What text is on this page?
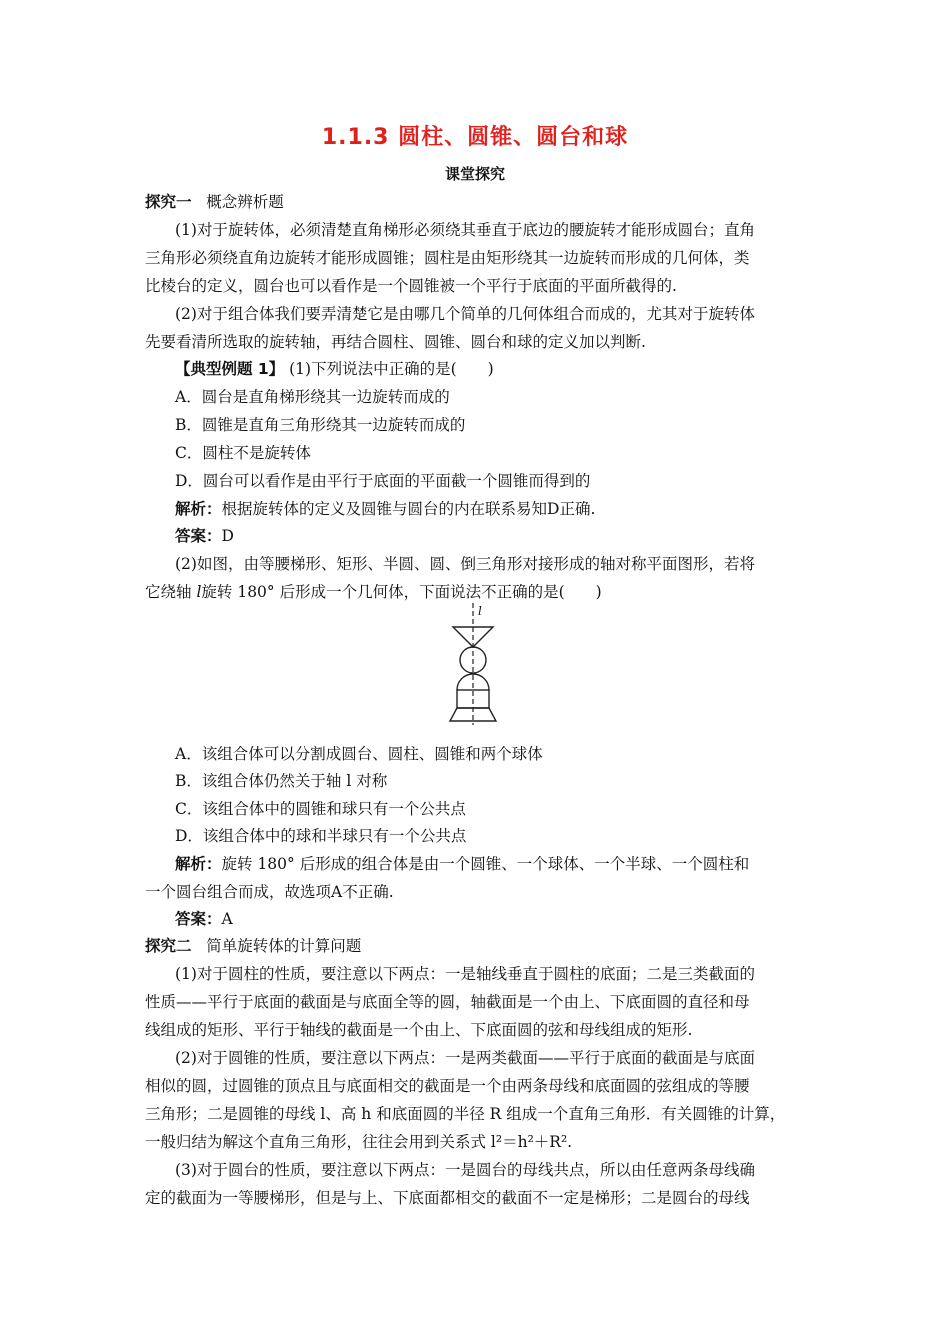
1.1.3 圆柱、圆锥、圆台和球
课堂探究
探究一 概念辨析题
(1)对于旋转体，必须清楚直角梯形必须绕其垂直于底边的腰旋转才能形成圆台；直角
三角形必须绕直角边旋转才能形成圆锥；圆柱是由矩形绕其一边旋转而形成的几何体，类
比棱台的定义，圆台也可以看作是一个圆锥被一个平行于底面的平面所截得的.
(2)对于组合体我们要弄清楚它是由哪几个简单的几何体组合而成的，尤其对于旋转体
先要看清所选取的旋转轴，再结合圆柱、圆锥、圆台和球的定义加以判断.
【典型例题 1】 (1)下列说法中正确的是(　　)
A．圆台是直角梯形绕其一边旋转而成的
B．圆锥是直角三角形绕其一边旋转而成的
C．圆柱不是旋转体
D．圆台可以看作是由平行于底面的平面截一个圆锥而得到的
解析：根据旋转体的定义及圆锥与圆台的内在联系易知D正确.
答案：D
(2)如图，由等腰梯形、矩形、半圆、圆、倒三角形对接形成的轴对称平面图形，若将
它绕轴 l旋转 180° 后形成一个几何体，下面说法不正确的是(　　)
l
A．该组合体可以分割成圆台、圆柱、圆锥和两个球体
B．该组合体仍然关于轴 l 对称
C．该组合体中的圆锥和球只有一个公共点
D．该组合体中的球和半球只有一个公共点
解析：旋转 180° 后形成的组合体是由一个圆锥、一个球体、一个半球、一个圆柱和
一个圆台组合而成，故选项A不正确.
答案：A
探究二 简单旋转体的计算问题
(1)对于圆柱的性质，要注意以下两点：一是轴线垂直于圆柱的底面；二是三类截面的
性质——平行于底面的截面是与底面全等的圆，轴截面是一个由上、下底面圆的直径和母
线组成的矩形、平行于轴线的截面是一个由上、下底面圆的弦和母线组成的矩形.
(2)对于圆锥的性质，要注意以下两点：一是两类截面——平行于底面的截面是与底面
相似的圆，过圆锥的顶点且与底面相交的截面是一个由两条母线和底面圆的弦组成的等腰
三角形；二是圆锥的母线 l、高 h 和底面圆的半径 R 组成一个直角三角形．有关圆锥的计算，
一般归结为解这个直角三角形，往往会用到关系式 l²＝h²＋R².
(3)对于圆台的性质，要注意以下两点：一是圆台的母线共点，所以由任意两条母线确
定的截面为一等腰梯形，但是与上、下底面都相交的截面不一定是梯形；二是圆台的母线
